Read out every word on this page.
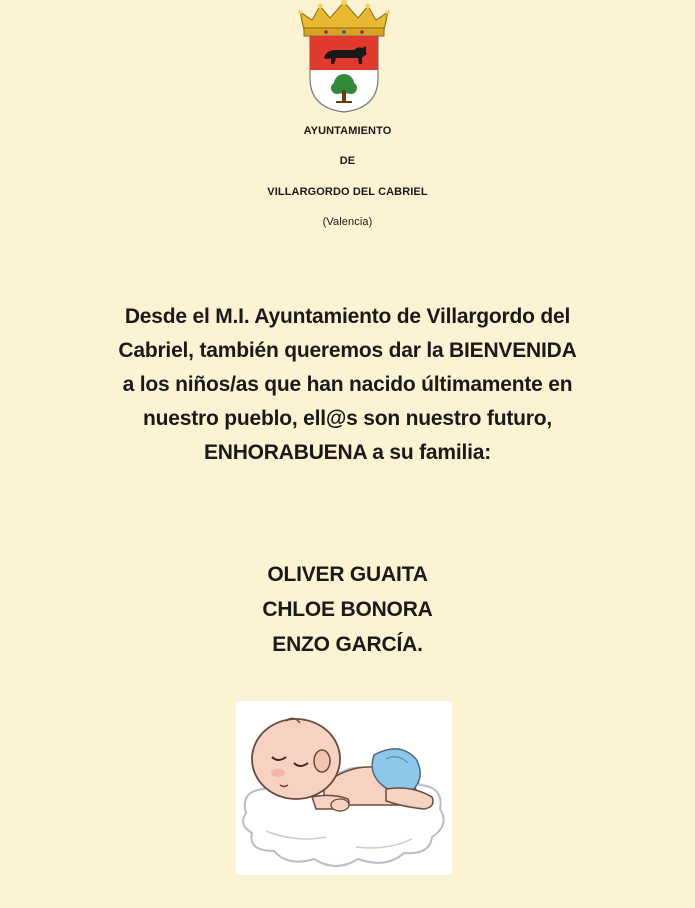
AYUNTAMIENTO
DE
VILLARGORDO DEL CABRIEL
(Valencia)
Desde el M.I. Ayuntamiento de Villargordo del
Cabriel, también queremos dar la BIENVENIDA
a los niños/as que han nacido últimamente en
nuestro pueblo, ell@s son nuestro futuro,
ENHORABUENA a su familia:
OLIVER GUAITA
CHLOE BONORA
ENZO GARCÍA.
